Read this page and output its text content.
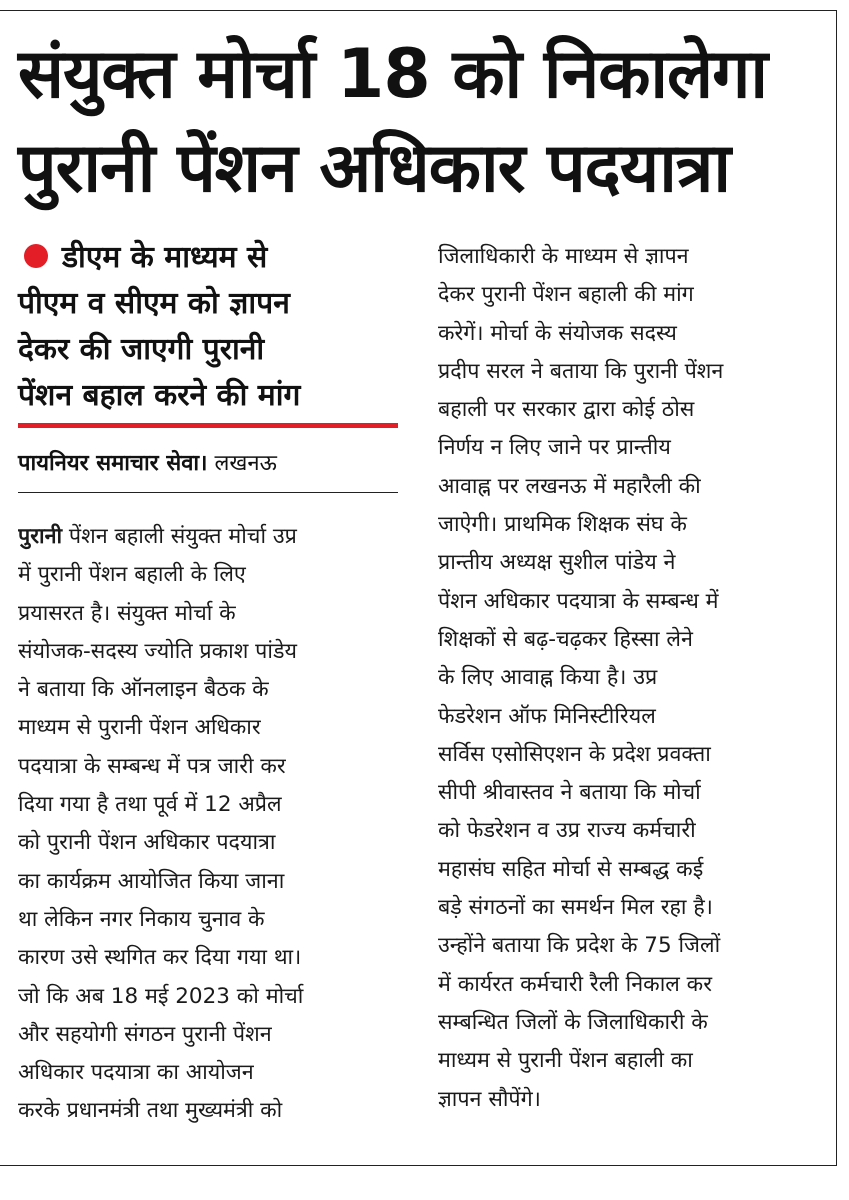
संयुक्त मोर्चा 18 को निकालेगा
पुरानी पेंशन अधिकार पदयात्रा
डीएम के माध्यम से
पीएम व सीएम को ज्ञापन
देकर की जाएगी पुरानी
पेंशन बहाल करने की मांग
पायनियर समाचार सेवा। लखनऊ
पुरानी पेंशन बहाली संयुक्त मोर्चा उप्र
में पुरानी पेंशन बहाली के लिए
प्रयासरत है। संयुक्त मोर्चा के
संयोजक-सदस्य ज्योति प्रकाश पांडेय
ने बताया कि ऑनलाइन बैठक के
माध्यम से पुरानी पेंशन अधिकार
पदयात्रा के सम्बन्ध में पत्र जारी कर
दिया गया है तथा पूर्व में 12 अप्रैल
को पुरानी पेंशन अधिकार पदयात्रा
का कार्यक्रम आयोजित किया जाना
था लेकिन नगर निकाय चुनाव के
कारण उसे स्थगित कर दिया गया था।
जो कि अब 18 मई 2023 को मोर्चा
और सहयोगी संगठन पुरानी पेंशन
अधिकार पदयात्रा का आयोजन
करके प्रधानमंत्री तथा मुख्यमंत्री को
जिलाधिकारी के माध्यम से ज्ञापन
देकर पुरानी पेंशन बहाली की मांग
करेगें। मोर्चा के संयोजक सदस्य
प्रदीप सरल ने बताया कि पुरानी पेंशन
बहाली पर सरकार द्वारा कोई ठोस
निर्णय न लिए जाने पर प्रान्तीय
आवाह्न पर लखनऊ में महारैली की
जाऐगी। प्राथमिक शिक्षक संघ के
प्रान्तीय अध्यक्ष सुशील पांडेय ने
पेंशन अधिकार पदयात्रा के सम्बन्ध में
शिक्षकों से बढ़-चढ़कर हिस्सा लेने
के लिए आवाह्न किया है। उप्र
फेडरेशन ऑफ मिनिस्टीरियल
सर्विस एसोसिएशन के प्रदेश प्रवक्ता
सीपी श्रीवास्तव ने बताया कि मोर्चा
को फेडरेशन व उप्र राज्य कर्मचारी
महासंघ सहित मोर्चा से सम्बद्ध कई
बड़े संगठनों का समर्थन मिल रहा है।
उन्होंने बताया कि प्रदेश के 75 जिलों
में कार्यरत कर्मचारी रैली निकाल कर
सम्बन्धित जिलों के जिलाधिकारी के
माध्यम से पुरानी पेंशन बहाली का
ज्ञापन सौपेंगे।
